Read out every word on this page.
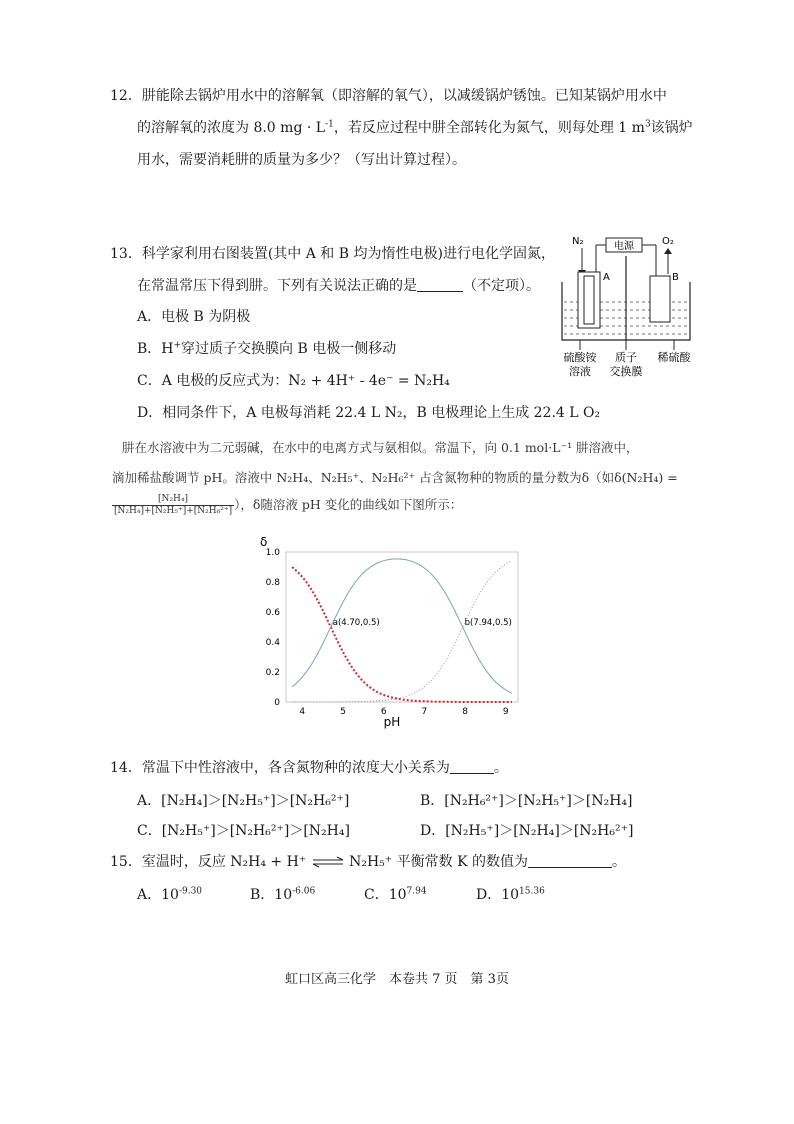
12．肼能除去锅炉用水中的溶解氧（即溶解的氧气），以减缓锅炉锈蚀。已知某锅炉用水中
的溶解氧的浓度为 8.0 mg · $L^{-1}$，若反应过程中肼全部转化为氮气，则每处理 1 $m^3$该锅炉
用水，需要消耗肼的质量为多少？（写出计算过程）。
13．科学家利用右图装置(其中 A 和 B 均为惰性电极)进行电化学固氮，
在常温常压下得到肼。下列有关说法正确的是	（不定项）。
A．电极 B 为阴极
B．H+穿过质子交换膜向 B 电极一侧移动
C．A 电极的反应式为：N₂ + 4H⁺ - 4e⁻ = N₂H₄
D．相同条件下，A 电极每消耗 22.4 L N₂，B 电极理论上生成 22.4 L O₂
电源
N₂	O₂
A	B
硫酸铵
溶液
质子
交换膜
稀硫酸
肼在水溶液中为二元弱碱，在水中的电离方式与氨相似。常温下，向 0.1 mol·L⁻¹ 肼溶液中，
滴加稀盐酸调节 pH。溶液中 N₂H₄、N₂H₅⁺、N₂H₆²⁺ 占含氮物种的物质的量分数为δ（如δ(N₂H₄) =
$\frac{\text{[N₂H₄]}}{\text{[N₂H₄]+[N₂H₅⁺]+[N₂H₆²⁺]}}$ ），δ随溶液 pH 变化的曲线如下图所示：
δ
pH
4	5	6	7	8	9
0
0.2
0.4
0.6
0.8
1.0
a(4.70,0.5)	b(7.94,0.5)
14．常温下中性溶液中，各含氮物种的浓度大小关系为	。
A．[N₂H₄]＞[N₂H₅⁺]＞[N₂H₆²⁺]	B．[N₂H₆²⁺]＞[N₂H₅⁺]＞[N₂H₄]
C．[N₂H₅⁺]＞[N₂H₆²⁺]＞[N₂H₄]	D．[N₂H₅⁺]＞[N₂H₄]＞[N₂H₆²⁺]
15．室温时，反应 N₂H₄ + H⁺ ⇌ N₂H₅⁺ 平衡常数 K 的数值为	。
A．$10^{-9.30}$	B．$10^{-6.06}$	C．$10^{7.94}$	D．$10^{15.36}$
虹口区高三化学　本卷共 7 页　第 3页
